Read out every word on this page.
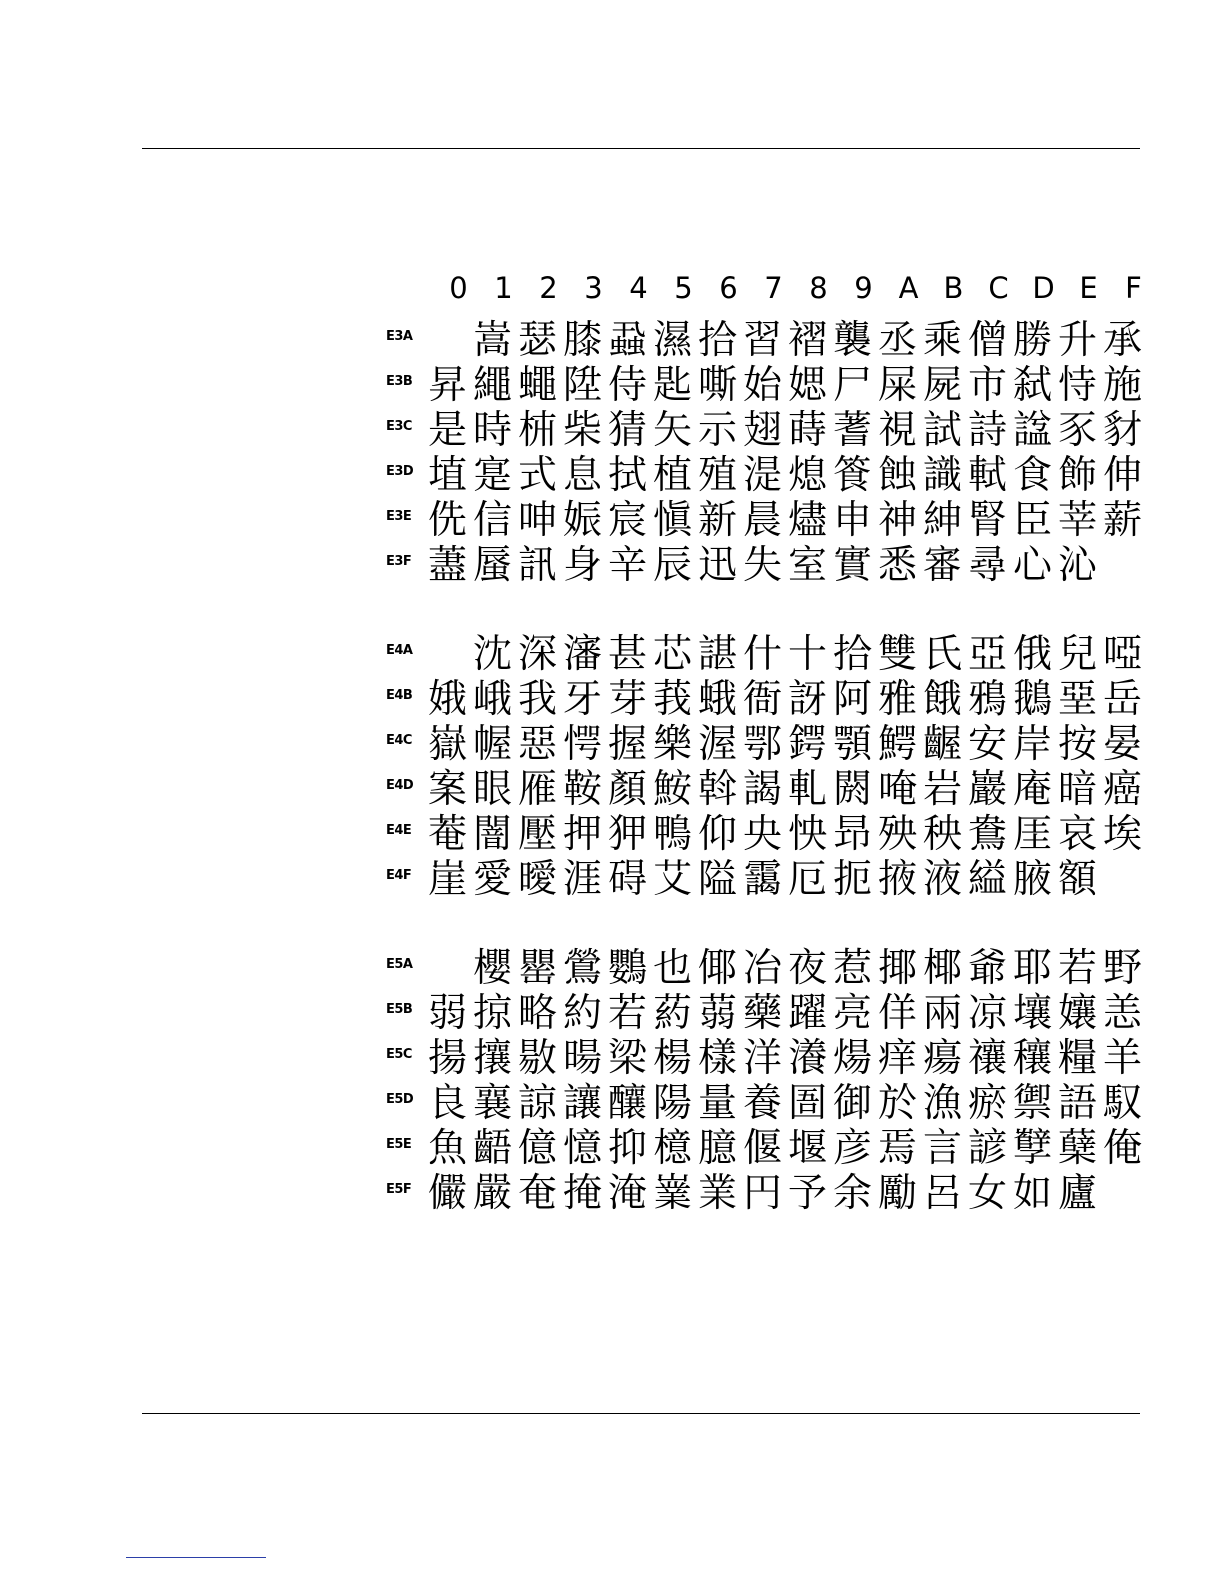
0 1 2 3 4 5 6 7 8 9 A B C D E F
E3A 嵩 瑟 膝 蝨 濕 拾 習 褶 襲 丞 乘 僧 勝 升 承
E3B 昇 繩 蠅 陞 侍 匙 嘶 始 媤 尸 屎 屍 市 弑 恃 施
E3C 是 時 枾 柴 猜 矢 示 翅 蒔 蓍 視 試 詩 諡 豕 豺
E3D 埴 寔 式 息 拭 植 殖 湜 熄 篒 蝕 識 軾 食 飾 伸
E3E 侁 信 呻 娠 宸 愼 新 晨 燼 申 神 紳 腎 臣 莘 薪
E3F 藎 蜃 訊 身 辛 辰 迅 失 室 實 悉 審 尋 心 沁
E4A 沈 深 瀋 甚 芯 諶 什 十 拾 雙 氏 亞 俄 兒 啞
E4B 娥 峨 我 牙 芽 莪 蛾 衙 訝 阿 雅 餓 鴉 鵝 堊 岳
E4C 嶽 幄 惡 愕 握 樂 渥 鄂 鍔 顎 鰐 齷 安 岸 按 晏
E4D 案 眼 雁 鞍 顏 鮟 斡 謁 軋 閼 唵 岩 巖 庵 暗 癌
E4E 菴 闇 壓 押 狎 鴨 仰 央 怏 昻 殃 秧 鴦 厓 哀 埃
E4F 崖 愛 曖 涯 碍 艾 隘 靄 厄 扼 掖 液 縊 腋 額
E5A 櫻 罌 鶯 鸚 也 倻 冶 夜 惹 揶 椰 爺 耶 若 野
E5B 弱 掠 略 約 若 葯 蒻 藥 躍 亮 佯 兩 凉 壤 孃 恙
E5C 揚 攘 敭 暘 梁 楊 樣 洋 瀁 煬 痒 瘍 禳 穰 糧 羊
E5D 良 襄 諒 讓 釀 陽 量 養 圄 御 於 漁 瘀 禦 語 馭
E5E 魚 齬 億 憶 抑 檍 臆 偃 堰 彦 焉 言 諺 孼 蘖 俺
E5F 儼 嚴 奄 掩 淹 嶪 業 円 予 余 勵 呂 女 如 廬
